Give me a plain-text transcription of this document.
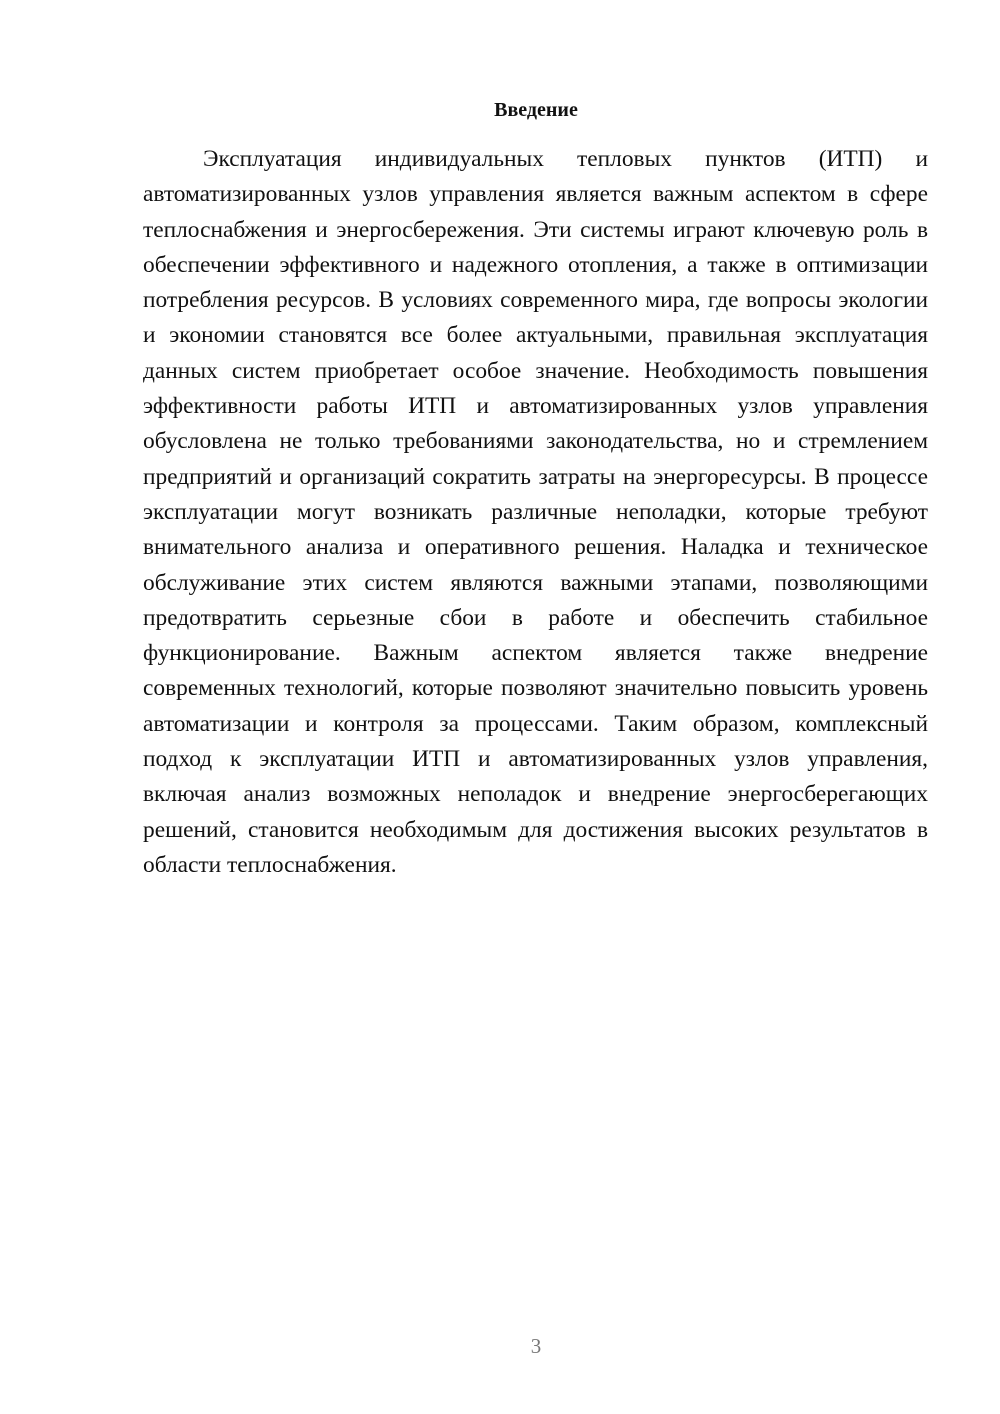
Введение

Эксплуатация индивидуальных тепловых пунктов (ИТП) и автоматизированных узлов управления является важным аспектом в сфере теплоснабжения и энергосбережения. Эти системы играют ключевую роль в обеспечении эффективного и надежного отопления, а также в оптимизации потребления ресурсов. В условиях современного мира, где вопросы экологии и экономии становятся все более актуальными, правильная эксплуатация данных систем приобретает особое значение. Необходимость повышения эффективности работы ИТП и автоматизированных узлов управления обусловлена не только требованиями законодательства, но и стремлением предприятий и организаций сократить затраты на энергоресурсы. В процессе эксплуатации могут возникать различные неполадки, которые требуют внимательного анализа и оперативного решения. Наладка и техническое обслуживание этих систем являются важными этапами, позволяющими предотвратить серьезные сбои в работе и обеспечить стабильное функционирование. Важным аспектом является также внедрение современных технологий, которые позволяют значительно повысить уровень автоматизации и контроля за процессами. Таким образом, комплексный подход к эксплуатации ИТП и автоматизированных узлов управления, включая анализ возможных неполадок и внедрение энергосберегающих решений, становится необходимым для достижения высоких результатов в области теплоснабжения.

3
